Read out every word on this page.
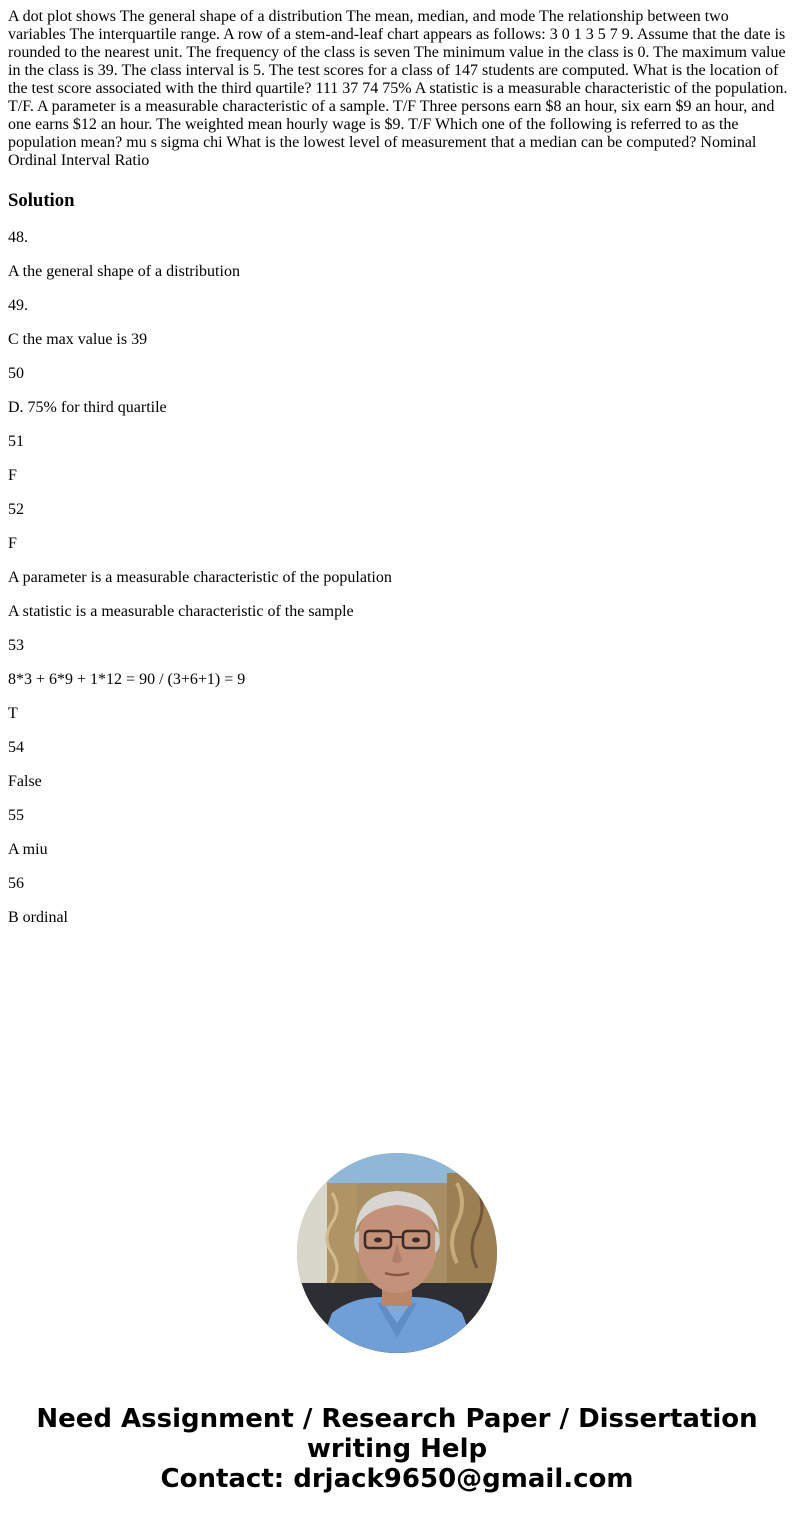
A dot plot shows The general shape of a distribution The mean, median, and mode The relationship between two variables The interquartile range. A row of a stem-and-leaf chart appears as follows: 3 0 1 3 5 7 9. Assume that the date is rounded to the nearest unit. The frequency of the class is seven The minimum value in the class is 0. The maximum value in the class is 39. The class interval is 5. The test scores for a class of 147 students are computed. What is the location of the test score associated with the third quartile? 111 37 74 75% A statistic is a measurable characteristic of the population. T/F. A parameter is a measurable characteristic of a sample. T/F Three persons earn $8 an hour, six earn $9 an hour, and one earns $12 an hour. The weighted mean hourly wage is $9. T/F Which one of the following is referred to as the population mean? mu s sigma chi What is the lowest level of measurement that a median can be computed? Nominal Ordinal Interval Ratio

Solution

48.

A the general shape of a distribution

49.

C the max value is 39

50

D. 75% for third quartile

51

F

52

F

A parameter is a measurable characteristic of the population

A statistic is a measurable characteristic of the sample

53

8*3 + 6*9 + 1*12 = 90 / (3+6+1) = 9

T

54

False

55

A miu

56

B ordinal

Need Assignment / Research Paper / Dissertation
writing Help
Contact: drjack9650@gmail.com
